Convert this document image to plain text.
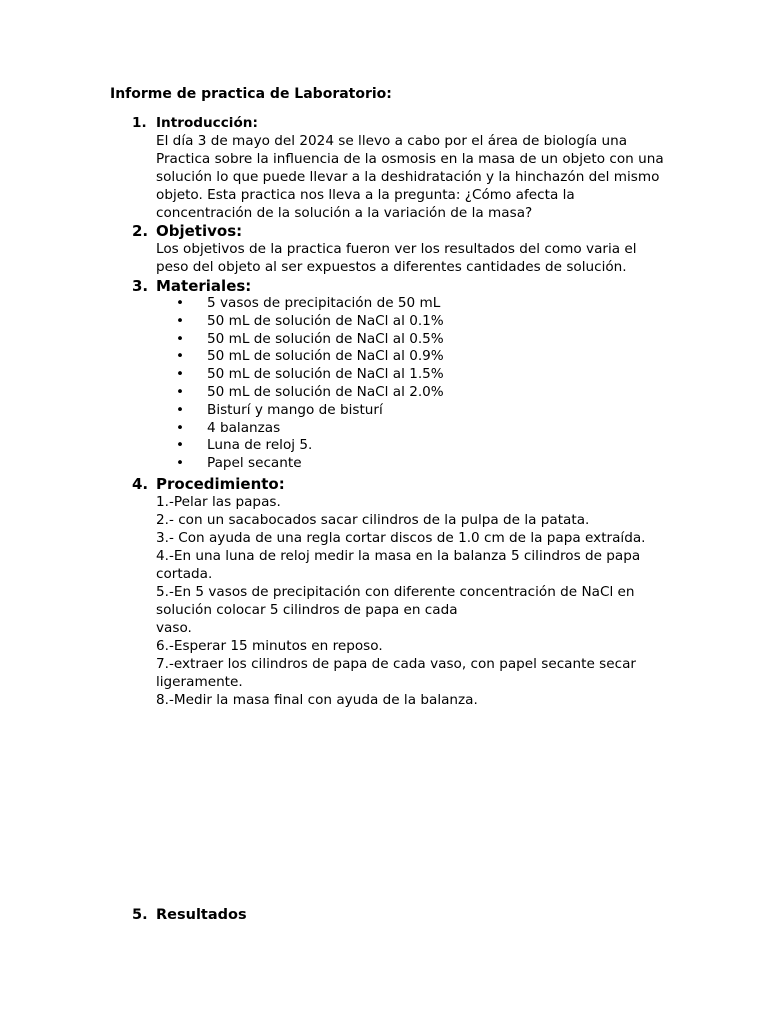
Informe de practica de Laboratorio:
1. Introducción:

El día 3 de mayo del 2024 se llevo a cabo por el área de biología una Practica sobre la influencia de la osmosis en la masa de un objeto con una solución lo que puede llevar a la deshidratación y la hinchazón del mismo objeto. Esta practica nos lleva a la pregunta: ¿Cómo afecta la concentración de la solución a la variación de la masa?

2. Objetivos:

Los objetivos de la practica fueron ver los resultados del como varia el peso del objeto al ser expuestos a diferentes cantidades de solución.

3. Materiales:
•	5 vasos de precipitación de 50 mL
•	50 mL de solución de NaCl al 0.1%
•	50 mL de solución de NaCl al 0.5%
•	50 mL de solución de NaCl al 0.9%
•	50 mL de solución de NaCl al 1.5%
•	50 mL de solución de NaCl al 2.0%
•	Bisturí y mango de bisturí
•	4 balanzas
•	Luna de reloj 5.
•	Papel secante
4. Procedimiento:

1.-Pelar las papas.

2.- con un sacabocados sacar cilindros de la pulpa de la patata.

3.- Con ayuda de una regla cortar discos de 1.0 cm de la papa extraída.

4.-En una luna de reloj medir la masa en la balanza 5 cilindros de papa cortada.

5.-En 5 vasos de precipitación con diferente concentración de NaCl en solución colocar 5 cilindros de papa en cada

vaso.

6.-Esperar 15 minutos en reposo.

7.-extraer los cilindros de papa de cada vaso, con papel secante secar ligeramente.

8.-Medir la masa final con ayuda de la balanza.

5. Resultados
